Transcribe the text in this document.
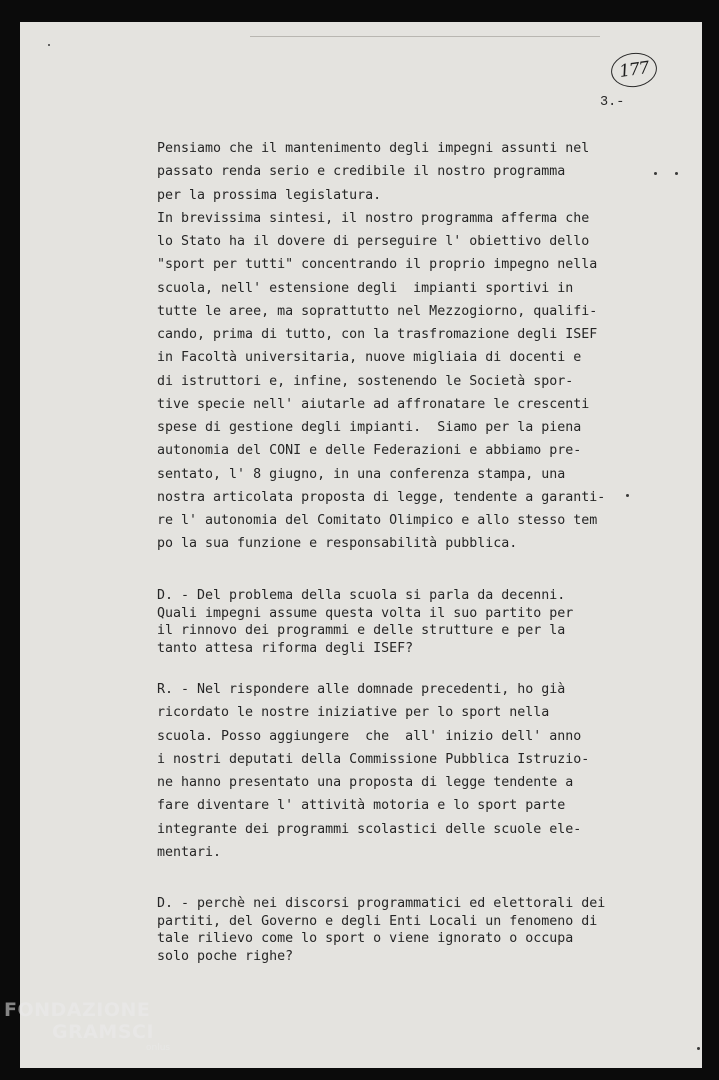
177
3.-
Pensiamo che il mantenimento degli impegni assunti nel
passato renda serio e credibile il nostro programma
per la prossima legislatura.
In brevissima sintesi, il nostro programma afferma che
lo Stato ha il dovere di perseguire l' obiettivo dello
"sport per tutti" concentrando il proprio impegno nella
scuola, nell' estensione degli  impianti sportivi in
tutte le aree, ma soprattutto nel Mezzogiorno, qualifi-
cando, prima di tutto, con la trasfromazione degli ISEF
in Facoltà universitaria, nuove migliaia di docenti e
di istruttori e, infine, sostenendo le Società spor-
tive specie nell' aiutarle ad affronatare le crescenti
spese di gestione degli impianti.  Siamo per la piena
autonomia del CONI e delle Federazioni e abbiamo pre-
sentato, l' 8 giugno, in una conferenza stampa, una
nostra articolata proposta di legge, tendente a garanti-
re l' autonomia del Comitato Olimpico e allo stesso tem
po la sua funzione e responsabilità pubblica.
D. - Del problema della scuola si parla da decenni.
Quali impegni assume questa volta il suo partito per
il rinnovo dei programmi e delle strutture e per la
tanto attesa riforma degli ISEF?
R. - Nel rispondere alle domnade precedenti, ho già
ricordato le nostre iniziative per lo sport nella
scuola. Posso aggiungere  che  all' inizio dell' anno
i nostri deputati della Commissione Pubblica Istruzio-
ne hanno presentato una proposta di legge tendente a
fare diventare l' attività motoria e lo sport parte
integrante dei programmi scolastici delle scuole ele-
mentari.
D. - perchè nei discorsi programmatici ed elettorali dei
partiti, del Governo e degli Enti Locali un fenomeno di
tale rilievo come lo sport o viene ignorato o occupa
solo poche righe?
FONDAZIONE
GRAMSCI
onlus
